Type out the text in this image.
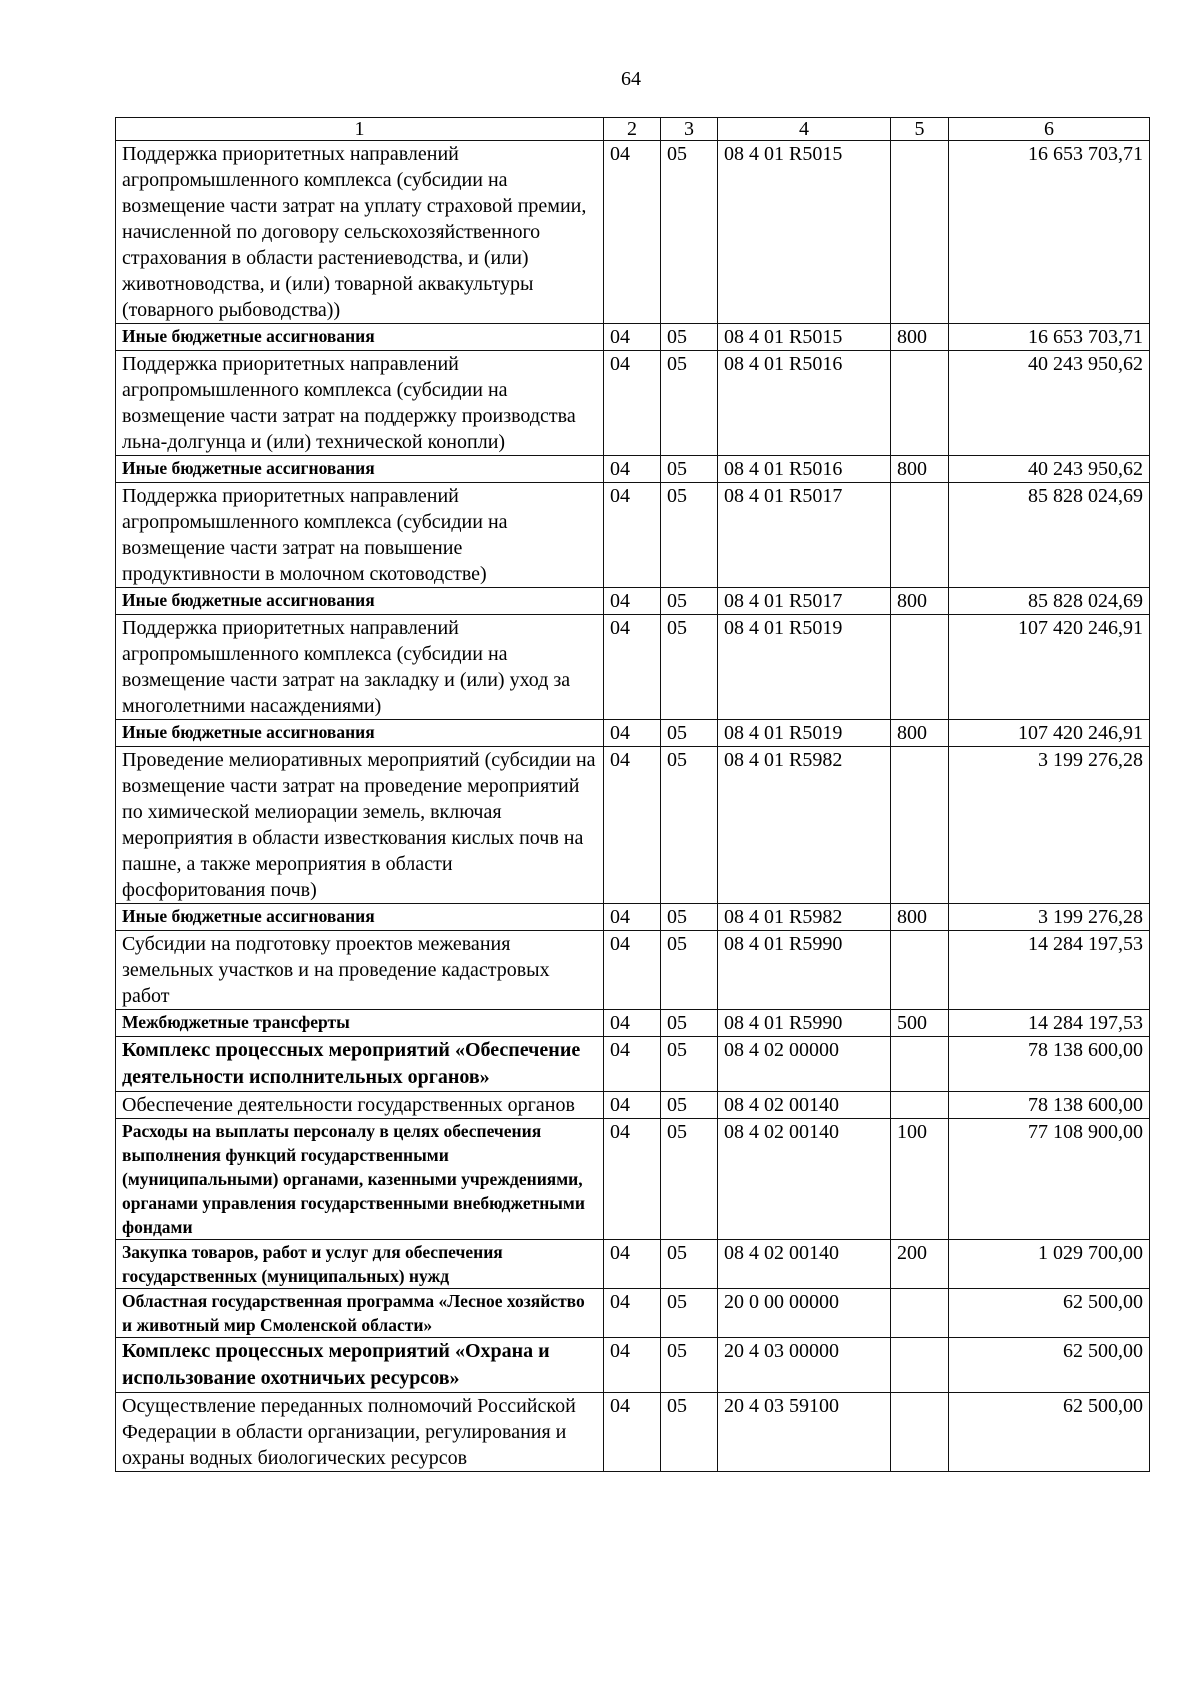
64
1	2	3	4	5	6
Поддержка приоритетных направлений агропромышленного комплекса (субсидии на возмещение части затрат на уплату страховой премии, начисленной по договору сельскохозяйственного страхования в области растениеводства, и (или) животноводства, и (или) товарной аквакультуры (товарного рыбоводства))	04	05	08 4 01 R5015		16 653 703,71
Иные бюджетные ассигнования	04	05	08 4 01 R5015	800	16 653 703,71
Поддержка приоритетных направлений агропромышленного комплекса (субсидии на возмещение части затрат на поддержку производства льна-долгунца и (или) технической конопли)	04	05	08 4 01 R5016		40 243 950,62
Иные бюджетные ассигнования	04	05	08 4 01 R5016	800	40 243 950,62
Поддержка приоритетных направлений агропромышленного комплекса (субсидии на возмещение части затрат на повышение продуктивности в молочном скотоводстве)	04	05	08 4 01 R5017		85 828 024,69
Иные бюджетные ассигнования	04	05	08 4 01 R5017	800	85 828 024,69
Поддержка приоритетных направлений агропромышленного комплекса (субсидии на возмещение части затрат на закладку и (или) уход за многолетними насаждениями)	04	05	08 4 01 R5019		107 420 246,91
Иные бюджетные ассигнования	04	05	08 4 01 R5019	800	107 420 246,91
Проведение мелиоративных мероприятий (субсидии на возмещение части затрат на проведение мероприятий по химической мелиорации земель, включая мероприятия в области известкования кислых почв на пашне, а также мероприятия в области фосфоритования почв)	04	05	08 4 01 R5982		3 199 276,28
Иные бюджетные ассигнования	04	05	08 4 01 R5982	800	3 199 276,28
Субсидии на подготовку проектов межевания земельных участков и на проведение кадастровых работ	04	05	08 4 01 R5990		14 284 197,53
Межбюджетные трансферты	04	05	08 4 01 R5990	500	14 284 197,53
Комплекс процессных мероприятий «Обеспечение деятельности исполнительных органов»	04	05	08 4 02 00000		78 138 600,00
Обеспечение деятельности государственных органов	04	05	08 4 02 00140		78 138 600,00
Расходы на выплаты персоналу в целях обеспечения выполнения функций государственными (муниципальными) органами, казенными учреждениями, органами управления государственными внебюджетными фондами	04	05	08 4 02 00140	100	77 108 900,00
Закупка товаров, работ и услуг для обеспечения государственных (муниципальных) нужд	04	05	08 4 02 00140	200	1 029 700,00
Областная государственная программа «Лесное хозяйство и животный мир Смоленской области»	04	05	20 0 00 00000		62 500,00
Комплекс процессных мероприятий «Охрана и использование охотничьих ресурсов»	04	05	20 4 03 00000		62 500,00
Осуществление переданных полномочий Российской Федерации в области организации, регулирования и охраны водных биологических ресурсов	04	05	20 4 03 59100		62 500,00
